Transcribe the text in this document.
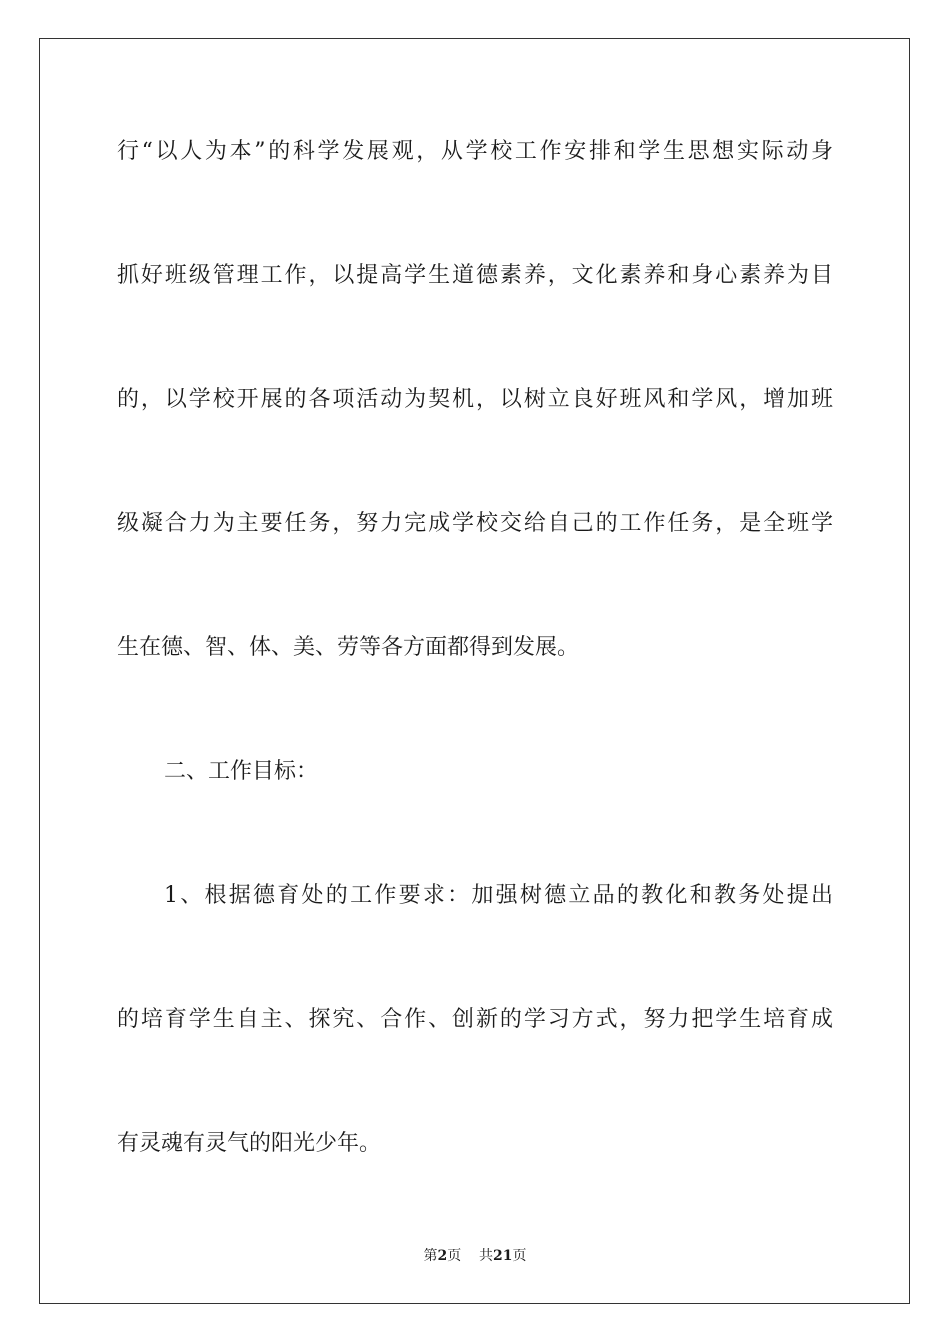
行“以人为本”的科学发展观，从学校工作安排和学生思想实际动身
抓好班级管理工作，以提高学生道德素养，文化素养和身心素养为目
的，以学校开展的各项活动为契机，以树立良好班风和学风，增加班
级凝合力为主要任务，努力完成学校交给自己的工作任务，是全班学
生在德、智、体、美、劳等各方面都得到发展。
二、工作目标：
1、根据德育处的工作要求：加强树德立品的教化和教务处提出
的培育学生自主、探究、合作、创新的学习方式，努力把学生培育成
有灵魂有灵气的阳光少年。
第2页 共21页
